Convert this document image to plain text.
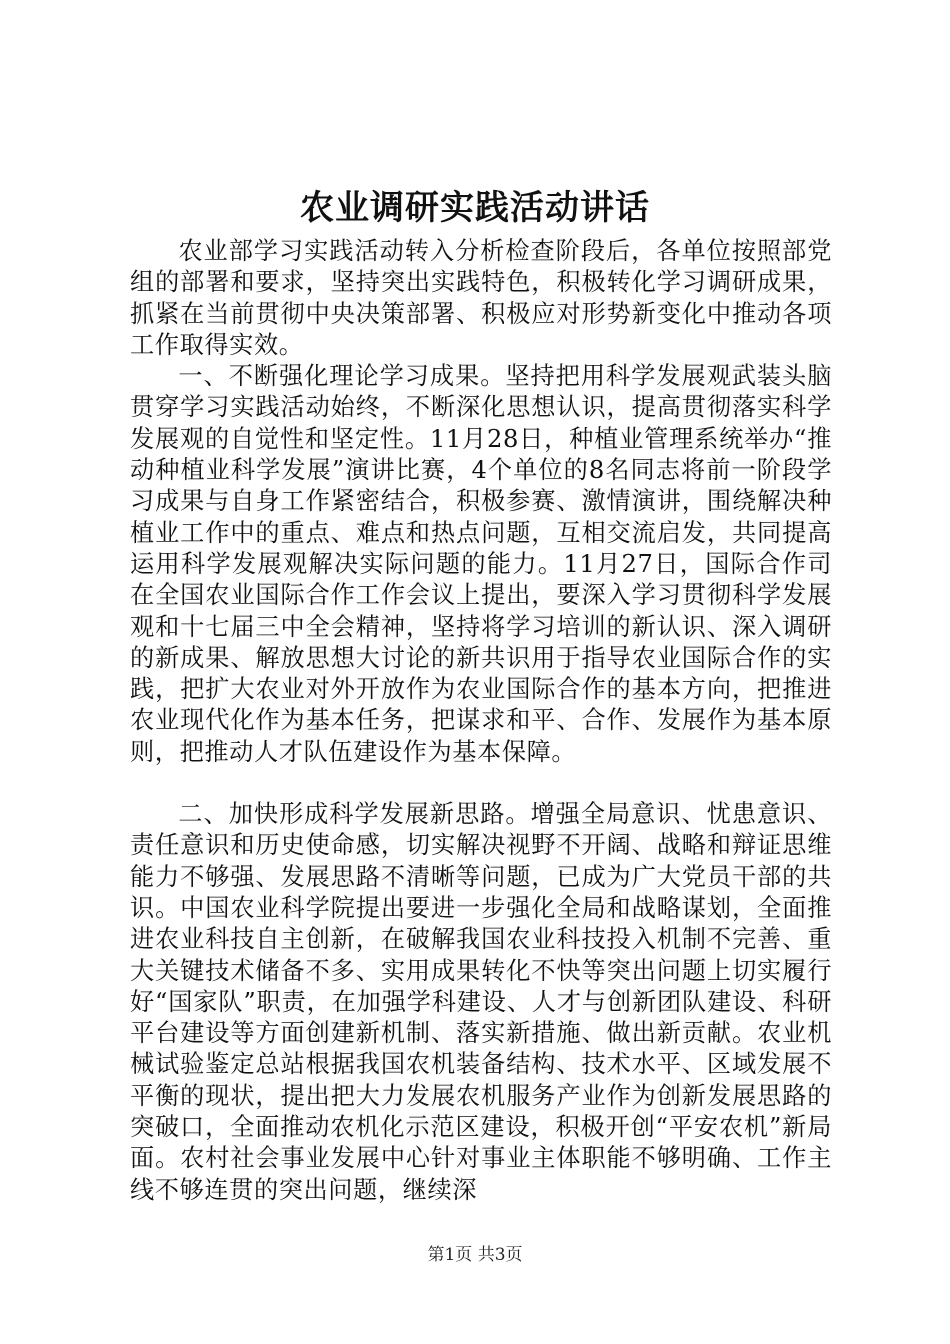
农业调研实践活动讲话

农业部学习实践活动转入分析检查阶段后，各单位按照部党组的部署和要求，坚持突出实践特色，积极转化学习调研成果，抓紧在当前贯彻中央决策部署、积极应对形势新变化中推动各项工作取得实效。

一、不断强化理论学习成果。坚持把用科学发展观武装头脑贯穿学习实践活动始终，不断深化思想认识，提高贯彻落实科学发展观的自觉性和坚定性。11月28日，种植业管理系统举办“推动种植业科学发展”演讲比赛，4个单位的8名同志将前一阶段学习成果与自身工作紧密结合，积极参赛、激情演讲，围绕解决种植业工作中的重点、难点和热点问题，互相交流启发，共同提高运用科学发展观解决实际问题的能力。11月27日，国际合作司在全国农业国际合作工作会议上提出，要深入学习贯彻科学发展观和十七届三中全会精神，坚持将学习培训的新认识、深入调研的新成果、解放思想大讨论的新共识用于指导农业国际合作的实践，把扩大农业对外开放作为农业国际合作的基本方向，把推进农业现代化作为基本任务，把谋求和平、合作、发展作为基本原则，把推动人才队伍建设作为基本保障。

二、加快形成科学发展新思路。增强全局意识、忧患意识、责任意识和历史使命感，切实解决视野不开阔、战略和辩证思维能力不够强、发展思路不清晰等问题，已成为广大党员干部的共识。中国农业科学院提出要进一步强化全局和战略谋划，全面推进农业科技自主创新，在破解我国农业科技投入机制不完善、重大关键技术储备不多、实用成果转化不快等突出问题上切实履行好“国家队”职责，在加强学科建设、人才与创新团队建设、科研平台建设等方面创建新机制、落实新措施、做出新贡献。农业机械试验鉴定总站根据我国农机装备结构、技术水平、区域发展不平衡的现状，提出把大力发展农机服务产业作为创新发展思路的突破口，全面推动农机化示范区建设，积极开创“平安农机”新局面。农村社会事业发展中心针对事业主体职能不够明确、工作主线不够连贯的突出问题，继续深

第1页 共3页
